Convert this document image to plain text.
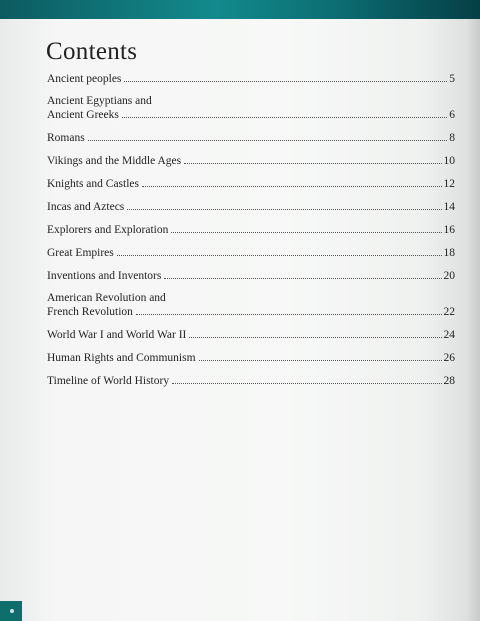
Contents
Ancient peoples	5
Ancient Egyptians and
Ancient Greeks	6
Romans	8
Vikings and the Middle Ages	10
Knights and Castles	12
Incas and Aztecs	14
Explorers and Exploration	16
Great Empires	18
Inventions and Inventors	20
American Revolution and
French Revolution	22
World War I and World War II	24
Human Rights and Communism	26
Timeline of World History	28
